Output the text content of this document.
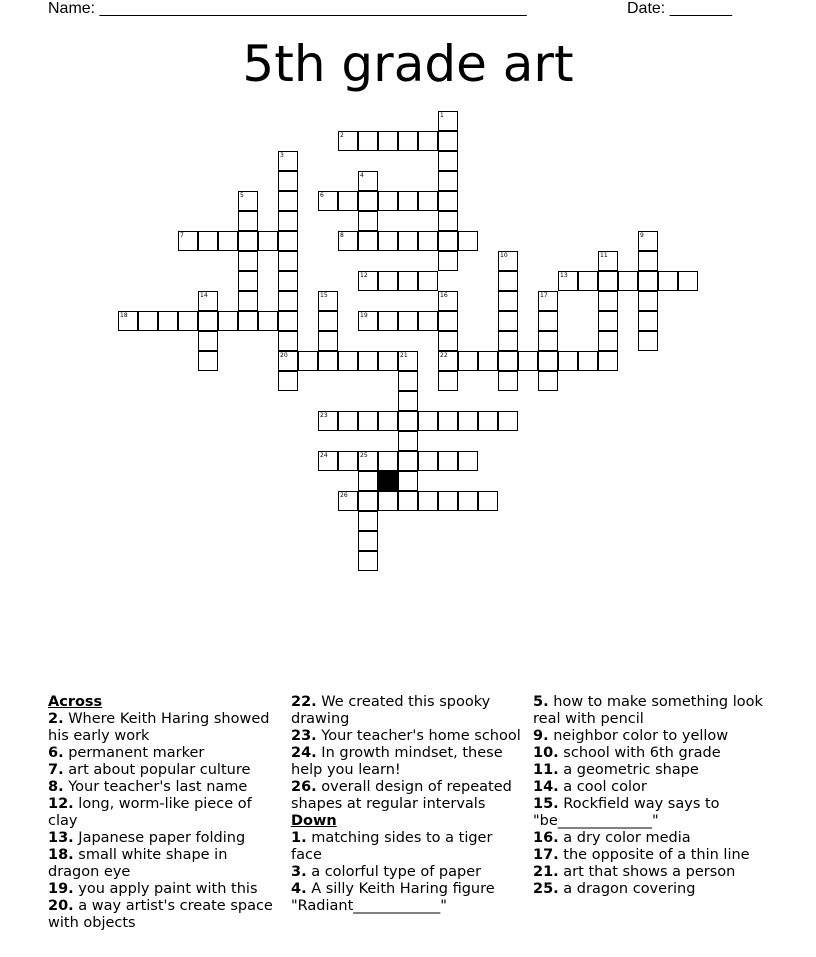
Name: ________________________________________________	Date: _______
5th grade art
1
2
3
20
4
5	6
7	8	9
10	11
12	13
14	15	16
22
17
18	19
21
23
24	25
26
Across
2. Where Keith Haring showed his early work
6. permanent marker
7. art about popular culture
8. Your teacher's last name
12. long, worm-like piece of clay
13. Japanese paper folding
18. small white shape in dragon eye
19. you apply paint with this
20. a way artist's create space with objects
22. We created this spooky drawing
23. Your teacher's home school
24. In growth mindset, these help you learn!
26. overall design of repeated shapes at regular intervals
Down
1. matching sides to a tiger face
3. a colorful type of paper
4. A silly Keith Haring figure "Radiant____________"
5. how to make something look real with pencil
9. neighbor color to yellow
10. school with 6th grade
11. a geometric shape
14. a cool color
15. Rockfield way says to "be_____________"
16. a dry color media
17. the opposite of a thin line
21. art that shows a person
25. a dragon covering
